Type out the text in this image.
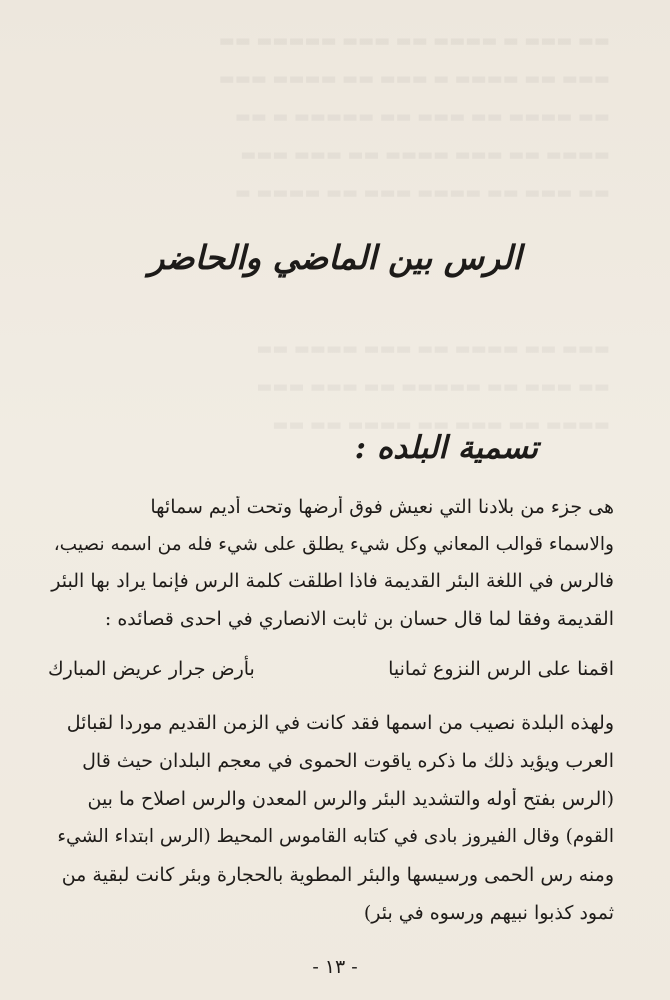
الرس بين الماضي والحاضر
تسمية البلده :
هى جزء من بلادنا التي نعيش فوق أرضها وتحت أديم سمائها
والاسماء قوالب المعاني وكل شيء يطلق على شيء فله من اسمه نصيب،
فالرس في اللغة البئر القديمة فاذا اطلقت كلمة الرس فإنما يراد بها البئر
القديمة وفقا لما قال حسان بن ثابت الانصاري في احدى قصائده :
اقمنا على الرس النزوع ثمانيا
بأرض جرار عريض المبارك
ولهذه البلدة نصيب من اسمها فقد كانت في الزمن القديم موردا لقبائل
العرب ويؤيد ذلك ما ذكره ياقوت الحموى في معجم البلدان حيث قال
(الرس بفتح أوله والتشديد البئر والرس المعدن والرس اصلاح ما بين
القوم) وقال الفيروز بادى في كتابه القاموس المحيط (الرس ابتداء الشيء
ومنه رس الحمى ورسيسها والبئر المطوية بالحجارة وبئر كانت لبقية من
ثمود كذبوا نبيهم ورسوه في بئر)
- ١٣ -
